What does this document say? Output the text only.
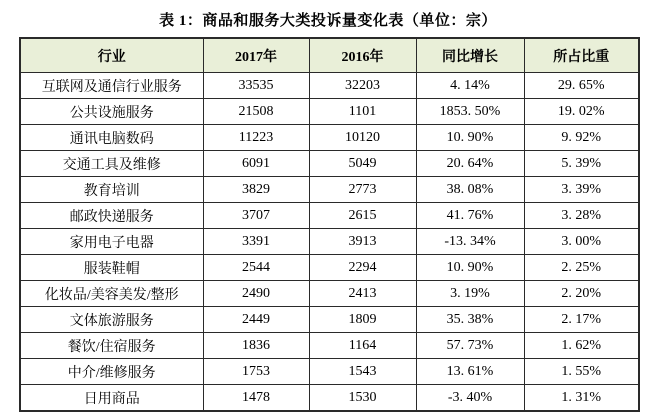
表 1：商品和服务大类投诉量变化表（单位：宗）
行业	2017年	2016年	同比增长	所占比重
互联网及通信行业服务	33535	32203	4. 14%	29. 65%
公共设施服务	21508	1101	1853. 50%	19. 02%
通讯电脑数码	11223	10120	10. 90%	9. 92%
交通工具及维修	6091	5049	20. 64%	5. 39%
教育培训	3829	2773	38. 08%	3. 39%
邮政快递服务	3707	2615	41. 76%	3. 28%
家用电子电器	3391	3913	-13. 34%	3. 00%
服装鞋帽	2544	2294	10. 90%	2. 25%
化妆品/美容美发/整形	2490	2413	3. 19%	2. 20%
文体旅游服务	2449	1809	35. 38%	2. 17%
餐饮/住宿服务	1836	1164	57. 73%	1. 62%
中介/维修服务	1753	1543	13. 61%	1. 55%
日用商品	1478	1530	-3. 40%	1. 31%
